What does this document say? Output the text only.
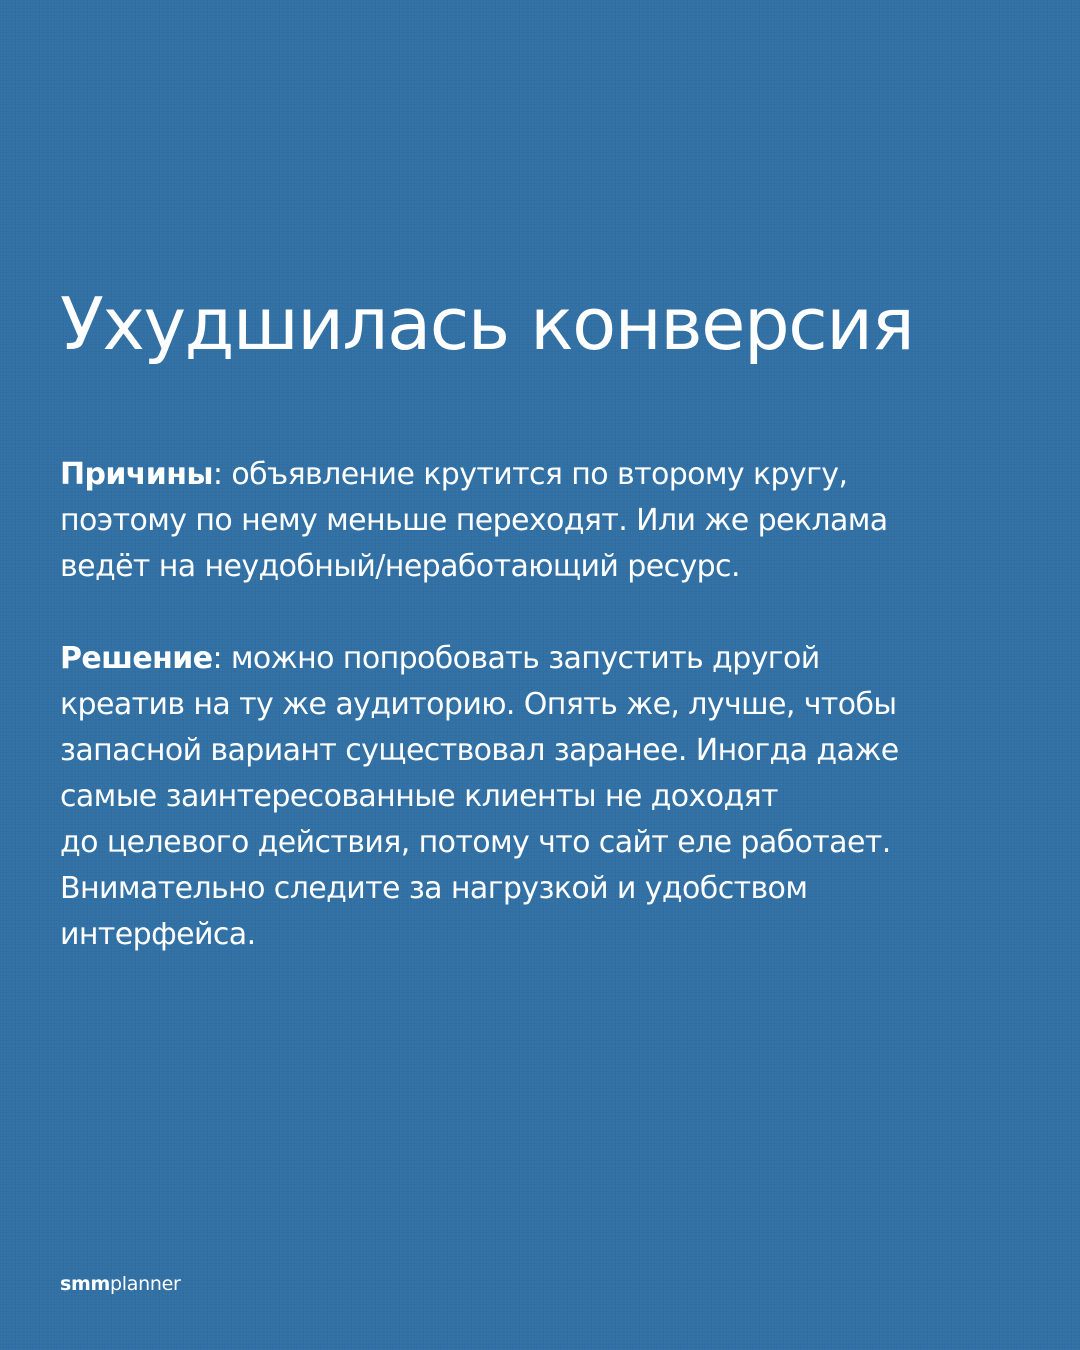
Ухудшилась конверсия

Причины: объявление крутится по второму кругу,
поэтому по нему меньше переходят. Или же реклама
ведёт на неудобный/неработающий ресурс.

Решение: можно попробовать запустить другой
креатив на ту же аудиторию. Опять же, лучше, чтобы
запасной вариант существовал заранее. Иногда даже
самые заинтересованные клиенты не доходят
до целевого действия, потому что сайт еле работает.
Внимательно следите за нагрузкой и удобством
интерфейса.

smmplanner
